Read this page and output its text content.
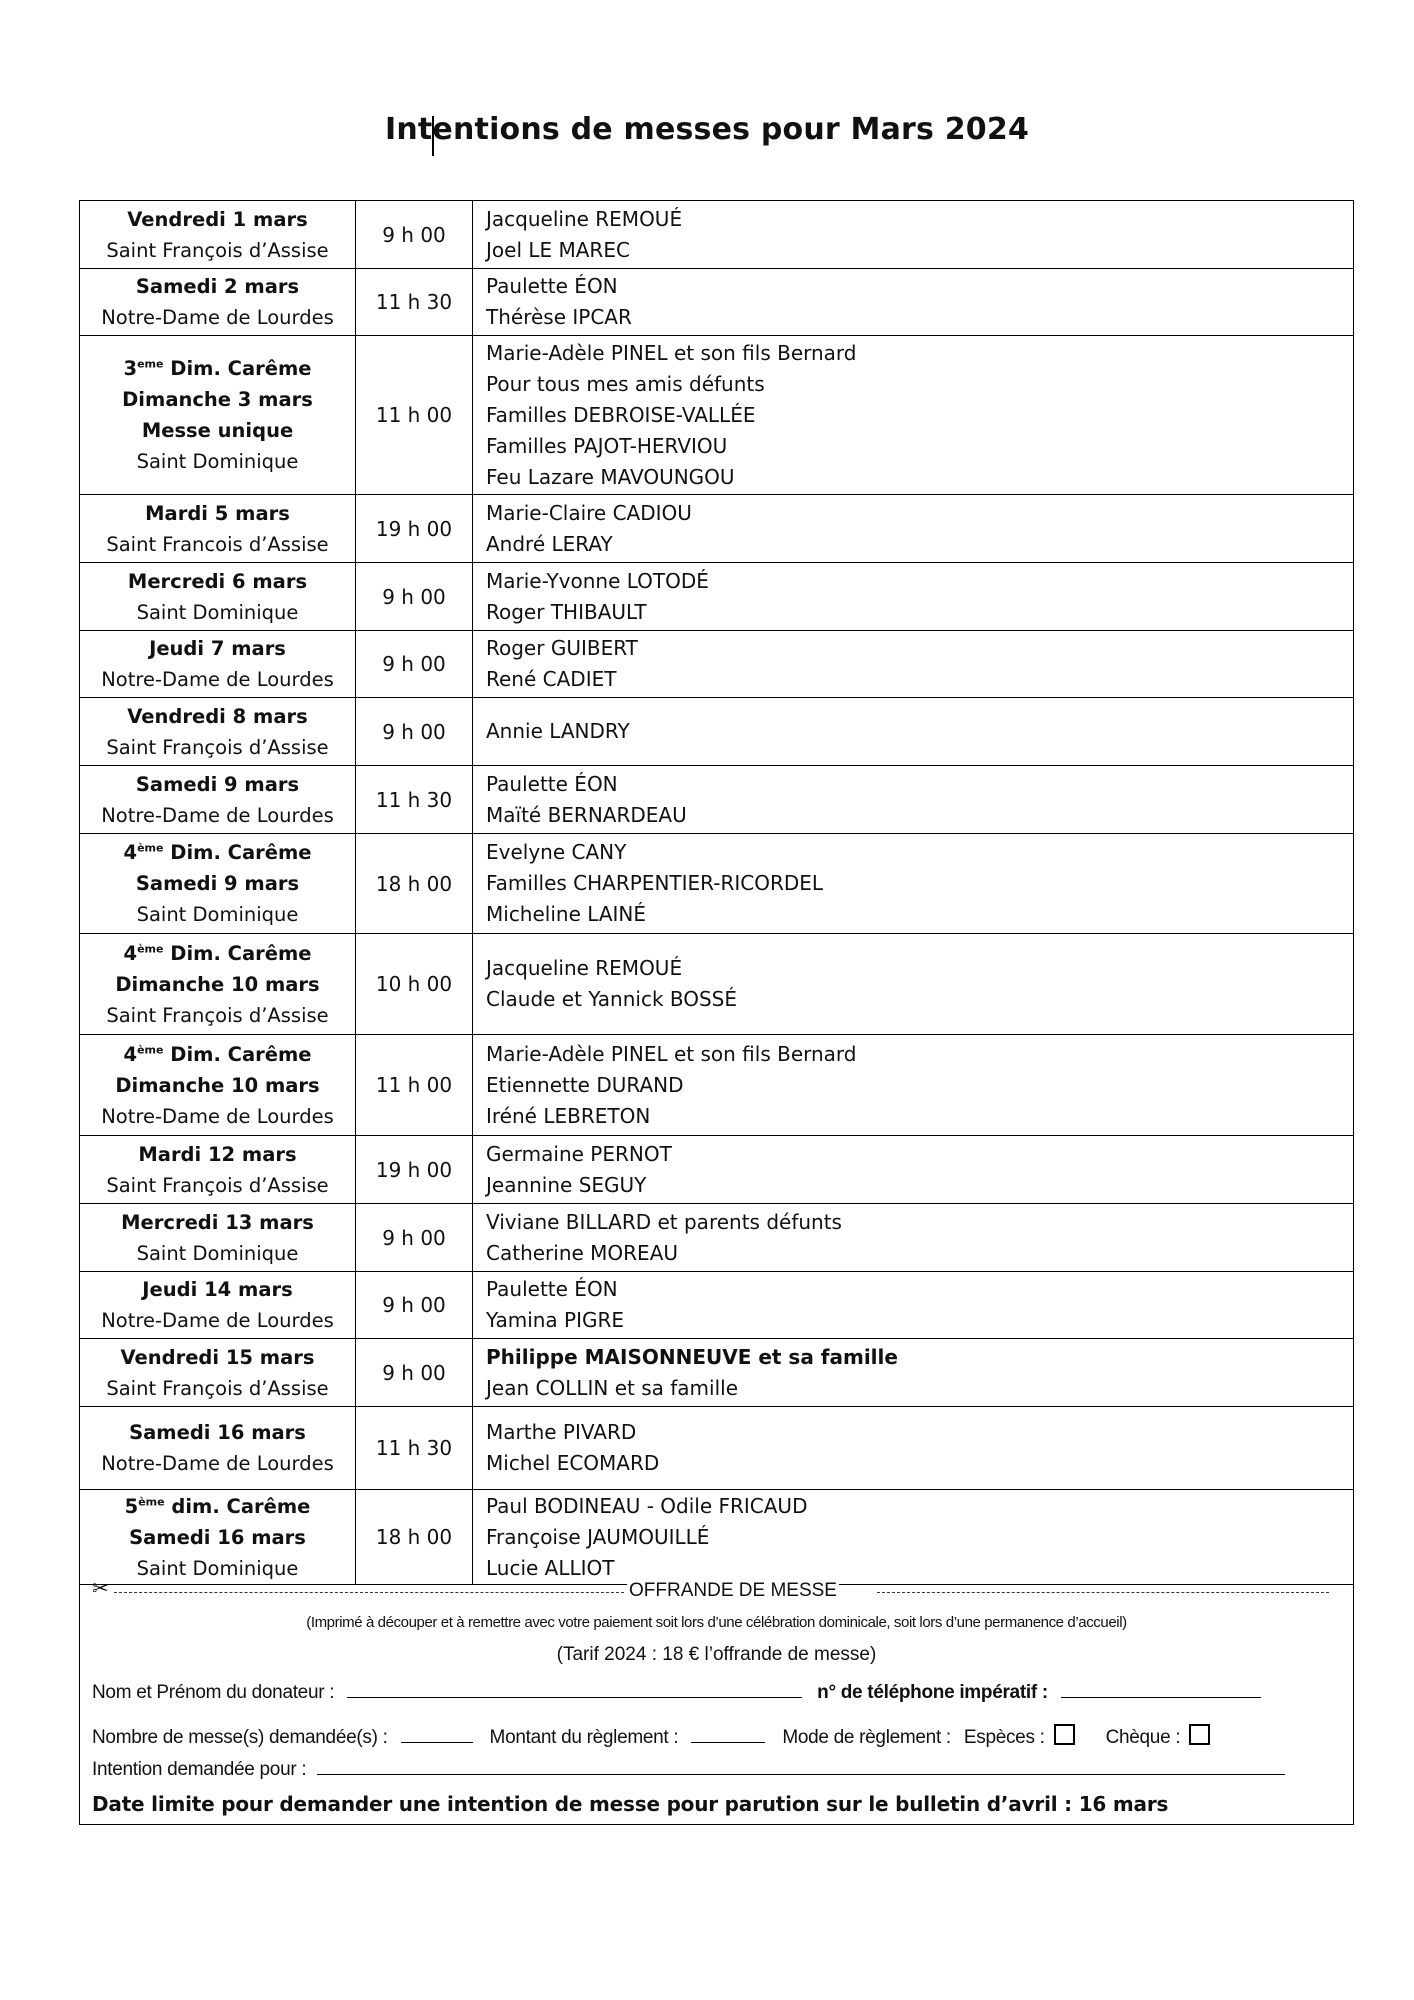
Intentions de messes pour Mars 2024
Vendredi 1 mars
Saint François d’Assise	9 h 00	Jacqueline REMOUÉ
Joel LE MAREC

Samedi 2 mars
Notre-Dame de Lourdes	11 h 30	Paulette ÉON
Thérèse IPCAR

3eme Dim. Carême
Dimanche 3 mars
Messe unique
Saint Dominique	11 h 00	Marie-Adèle PINEL et son fils Bernard
Pour tous mes amis défunts
Familles DEBROISE-VALLÉE
Familles PAJOT-HERVIOU
Feu Lazare MAVOUNGOU

Mardi 5 mars
Saint Francois d’Assise	19 h 00	Marie-Claire CADIOU
André LERAY

Mercredi 6 mars
Saint Dominique	9 h 00	Marie-Yvonne LOTODÉ
Roger THIBAULT

Jeudi 7 mars
Notre-Dame de Lourdes	9 h 00	Roger GUIBERT
René CADIET

Vendredi 8 mars
Saint François d’Assise	9 h 00	Annie LANDRY

Samedi 9 mars
Notre-Dame de Lourdes	11 h 30	Paulette ÉON
Maïté BERNARDEAU

4ème Dim. Carême
Samedi 9 mars
Saint Dominique	18 h 00	Evelyne CANY
Familles CHARPENTIER-RICORDEL
Micheline LAINÉ

4ème Dim. Carême
Dimanche 10 mars
Saint François d’Assise	10 h 00	Jacqueline REMOUÉ
Claude et Yannick BOSSÉ

4ème Dim. Carême
Dimanche 10 mars
Notre-Dame de Lourdes	11 h 00	Marie-Adèle PINEL et son fils Bernard
Etiennette DURAND
Iréné LEBRETON

Mardi 12 mars
Saint François d’Assise	19 h 00	Germaine PERNOT
Jeannine SEGUY

Mercredi 13 mars
Saint Dominique	9 h 00	Viviane BILLARD et parents défunts
Catherine MOREAU

Jeudi 14 mars
Notre-Dame de Lourdes	9 h 00	Paulette ÉON
Yamina PIGRE

Vendredi 15 mars
Saint François d’Assise	9 h 00	Philippe MAISONNEUVE et sa famille
Jean COLLIN et sa famille

Samedi 16 mars
Notre-Dame de Lourdes	11 h 30	Marthe PIVARD
Michel ECOMARD

5ème dim. Carême
Samedi 16 mars
Saint Dominique	18 h 00	Paul BODINEAU - Odile FRICAUD
Françoise JAUMOUILLÉ
Lucie ALLIOT
✂	OFFRANDE DE MESSE
(Imprimé à découper et à remettre avec votre paiement soit lors d’une célébration dominicale, soit lors d’une permanence d’accueil)
(Tarif 2024 : 18 € l’offrande de messe)
Nom et Prénom du donateur :	n° de téléphone impératif :
Nombre de messe(s) demandée(s) :	Montant du règlement :	Mode de règlement : Espèces :	Chèque :
Intention demandée pour :
Date limite pour demander une intention de messe pour parution sur le bulletin d’avril : 16 mars
